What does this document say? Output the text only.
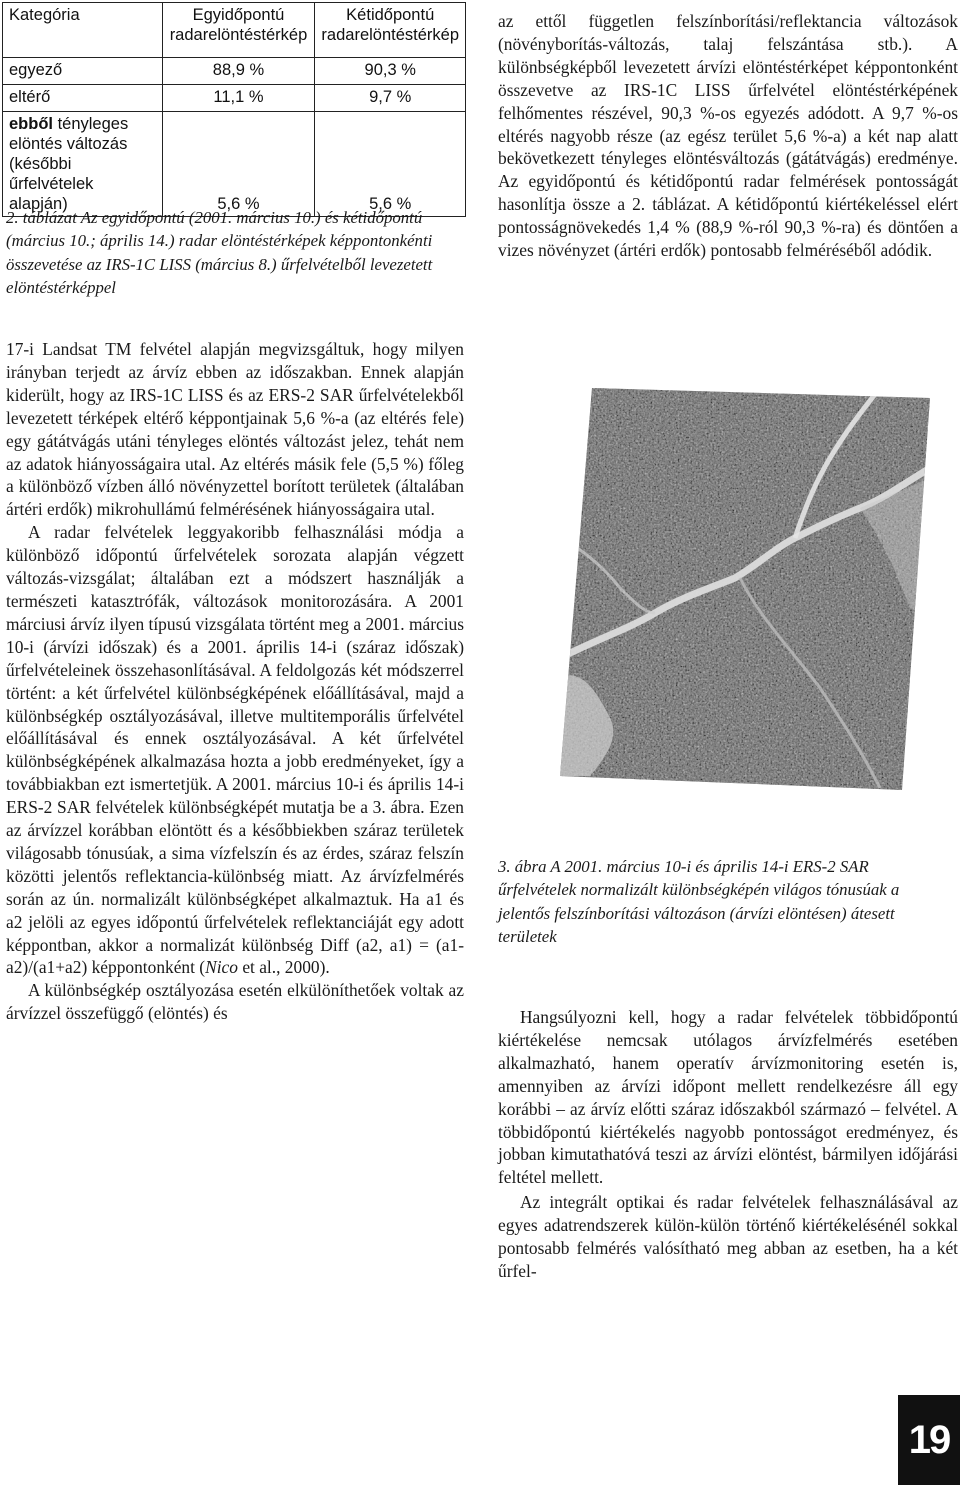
Kategória	Egyidőpontú radarelöntéstérkép	Kétidőpontú radarelöntéstérkép
egyező	88,9 %	90,3 %
eltérő	11,1 %	9,7 %
ebből tényleges elöntés változás (későbbi űrfelvételek alapján)	5,6 %	5,6 %

2. táblázat Az egyidőpontú (2001. március 10.) és kétidőpontú (március 10.; április 14.) radar elöntéstérképek képpontonkénti összevetése az IRS-1C LISS (március 8.) űrfelvételből levezetett elöntéstérképpel

17-i Landsat TM felvétel alapján megvizsgáltuk, hogy milyen irányban terjedt az árvíz ebben az időszakban. Ennek alapján kiderült, hogy az IRS-1C LISS és az ERS-2 SAR űrfelvételekből levezetett térképek eltérő képpontjainak 5,6 %-a (az eltérés fele) egy gátátvágás utáni tényleges elöntés változást jelez, tehát nem az adatok hiányosságaira utal. Az eltérés másik fele (5,5 %) főleg a különböző vízben álló növényzettel borított területek (általában ártéri erdők) mikrohullámú felmérésének hiányosságaira utal.

A radar felvételek leggyakoribb felhasználási módja a különböző időpontú űrfelvételek sorozata alapján végzett változás-vizsgálat; általában ezt a módszert használják a természeti katasztrófák, változások monitorozására. A 2001 márciusi árvíz ilyen típusú vizsgálata történt meg a 2001. március 10-i (árvízi időszak) és a 2001. április 14-i (száraz időszak) űrfelvételeinek összehasonlításával. A feldolgozás két módszerrel történt: a két űrfelvétel különbségképének előállításával, majd a különbségkép osztályozásával, illetve multitemporális űrfelvétel előállításával és ennek osztályozásával. A két űrfelvétel különbségképének alkalmazása hozta a jobb eredményeket, így a továbbiakban ezt ismertetjük. A 2001. március 10-i és április 14-i ERS-2 SAR felvételek különbségképét mutatja be a 3. ábra. Ezen az árvízzel korábban elöntött és a későbbiekben száraz területek világosabb tónusúak, a sima vízfelszín és az érdes, száraz felszín közötti jelentős reflektancia-különbség miatt. Az árvízfelmérés során az ún. normalizált különbségképet alkalmaztuk. Ha a1 és a2 jelöli az egyes időpontú űrfelvételek reflektanciáját egy adott képpontban, akkor a normalizát különbség Diff (a2, a1) = (a1-a2)/(a1+a2) képpontonként (Nico et al., 2000).

A különbségkép osztályozása esetén elkülöníthetőek voltak az árvízzel összefüggő (elöntés) és

az ettől független felszínborítási/reflektancia változások (növényborítás-változás, talaj felszántása stb.). A különbségképből levezetett árvízi elöntéstérképet képpontonként összevetve az IRS-1C LISS űrfelvétel elöntéstérképének felhőmentes részével, 90,3 %-os egyezés adódott. A 9,7 %-os eltérés nagyobb része (az egész terület 5,6 %-a) a két nap alatt bekövetkezett tényleges elöntésváltozás (gátátvágás) eredménye. Az egyidőpontú és kétidőpontú radar felmérések pontosságát hasonlítja össze a 2. táblázat. A kétidőpontú kiértékeléssel elért pontosságnövekedés 1,4 % (88,9 %-ról 90,3 %-ra) és döntően a vizes növényzet (ártéri erdők) pontosabb felméréséből adódik.

3. ábra A 2001. március 10-i és április 14-i ERS-2 SAR űrfelvételek normalizált különbségképén világos tónusúak a jelentős felszínborítási változáson (árvízi elöntésen) átesett területek

Hangsúlyozni kell, hogy a radar felvételek többidőpontú kiértékelése nemcsak utólagos árvízfelmérés esetében alkalmazható, hanem operatív árvízmonitoring esetén is, amennyiben az árvízi időpont mellett rendelkezésre áll egy korábbi – az árvíz előtti száraz időszakból származó – felvétel. A többidőpontú kiértékelés nagyobb pontosságot eredményez, és jobban kimutathatóvá teszi az árvízi elöntést, bármilyen időjárási feltétel mellett.

Az integrált optikai és radar felvételek felhasználásával az egyes adatrendszerek külön-külön történő kiértékelésénél sokkal pontosabb felmérés valósítható meg abban az esetben, ha a két űrfel-

19
